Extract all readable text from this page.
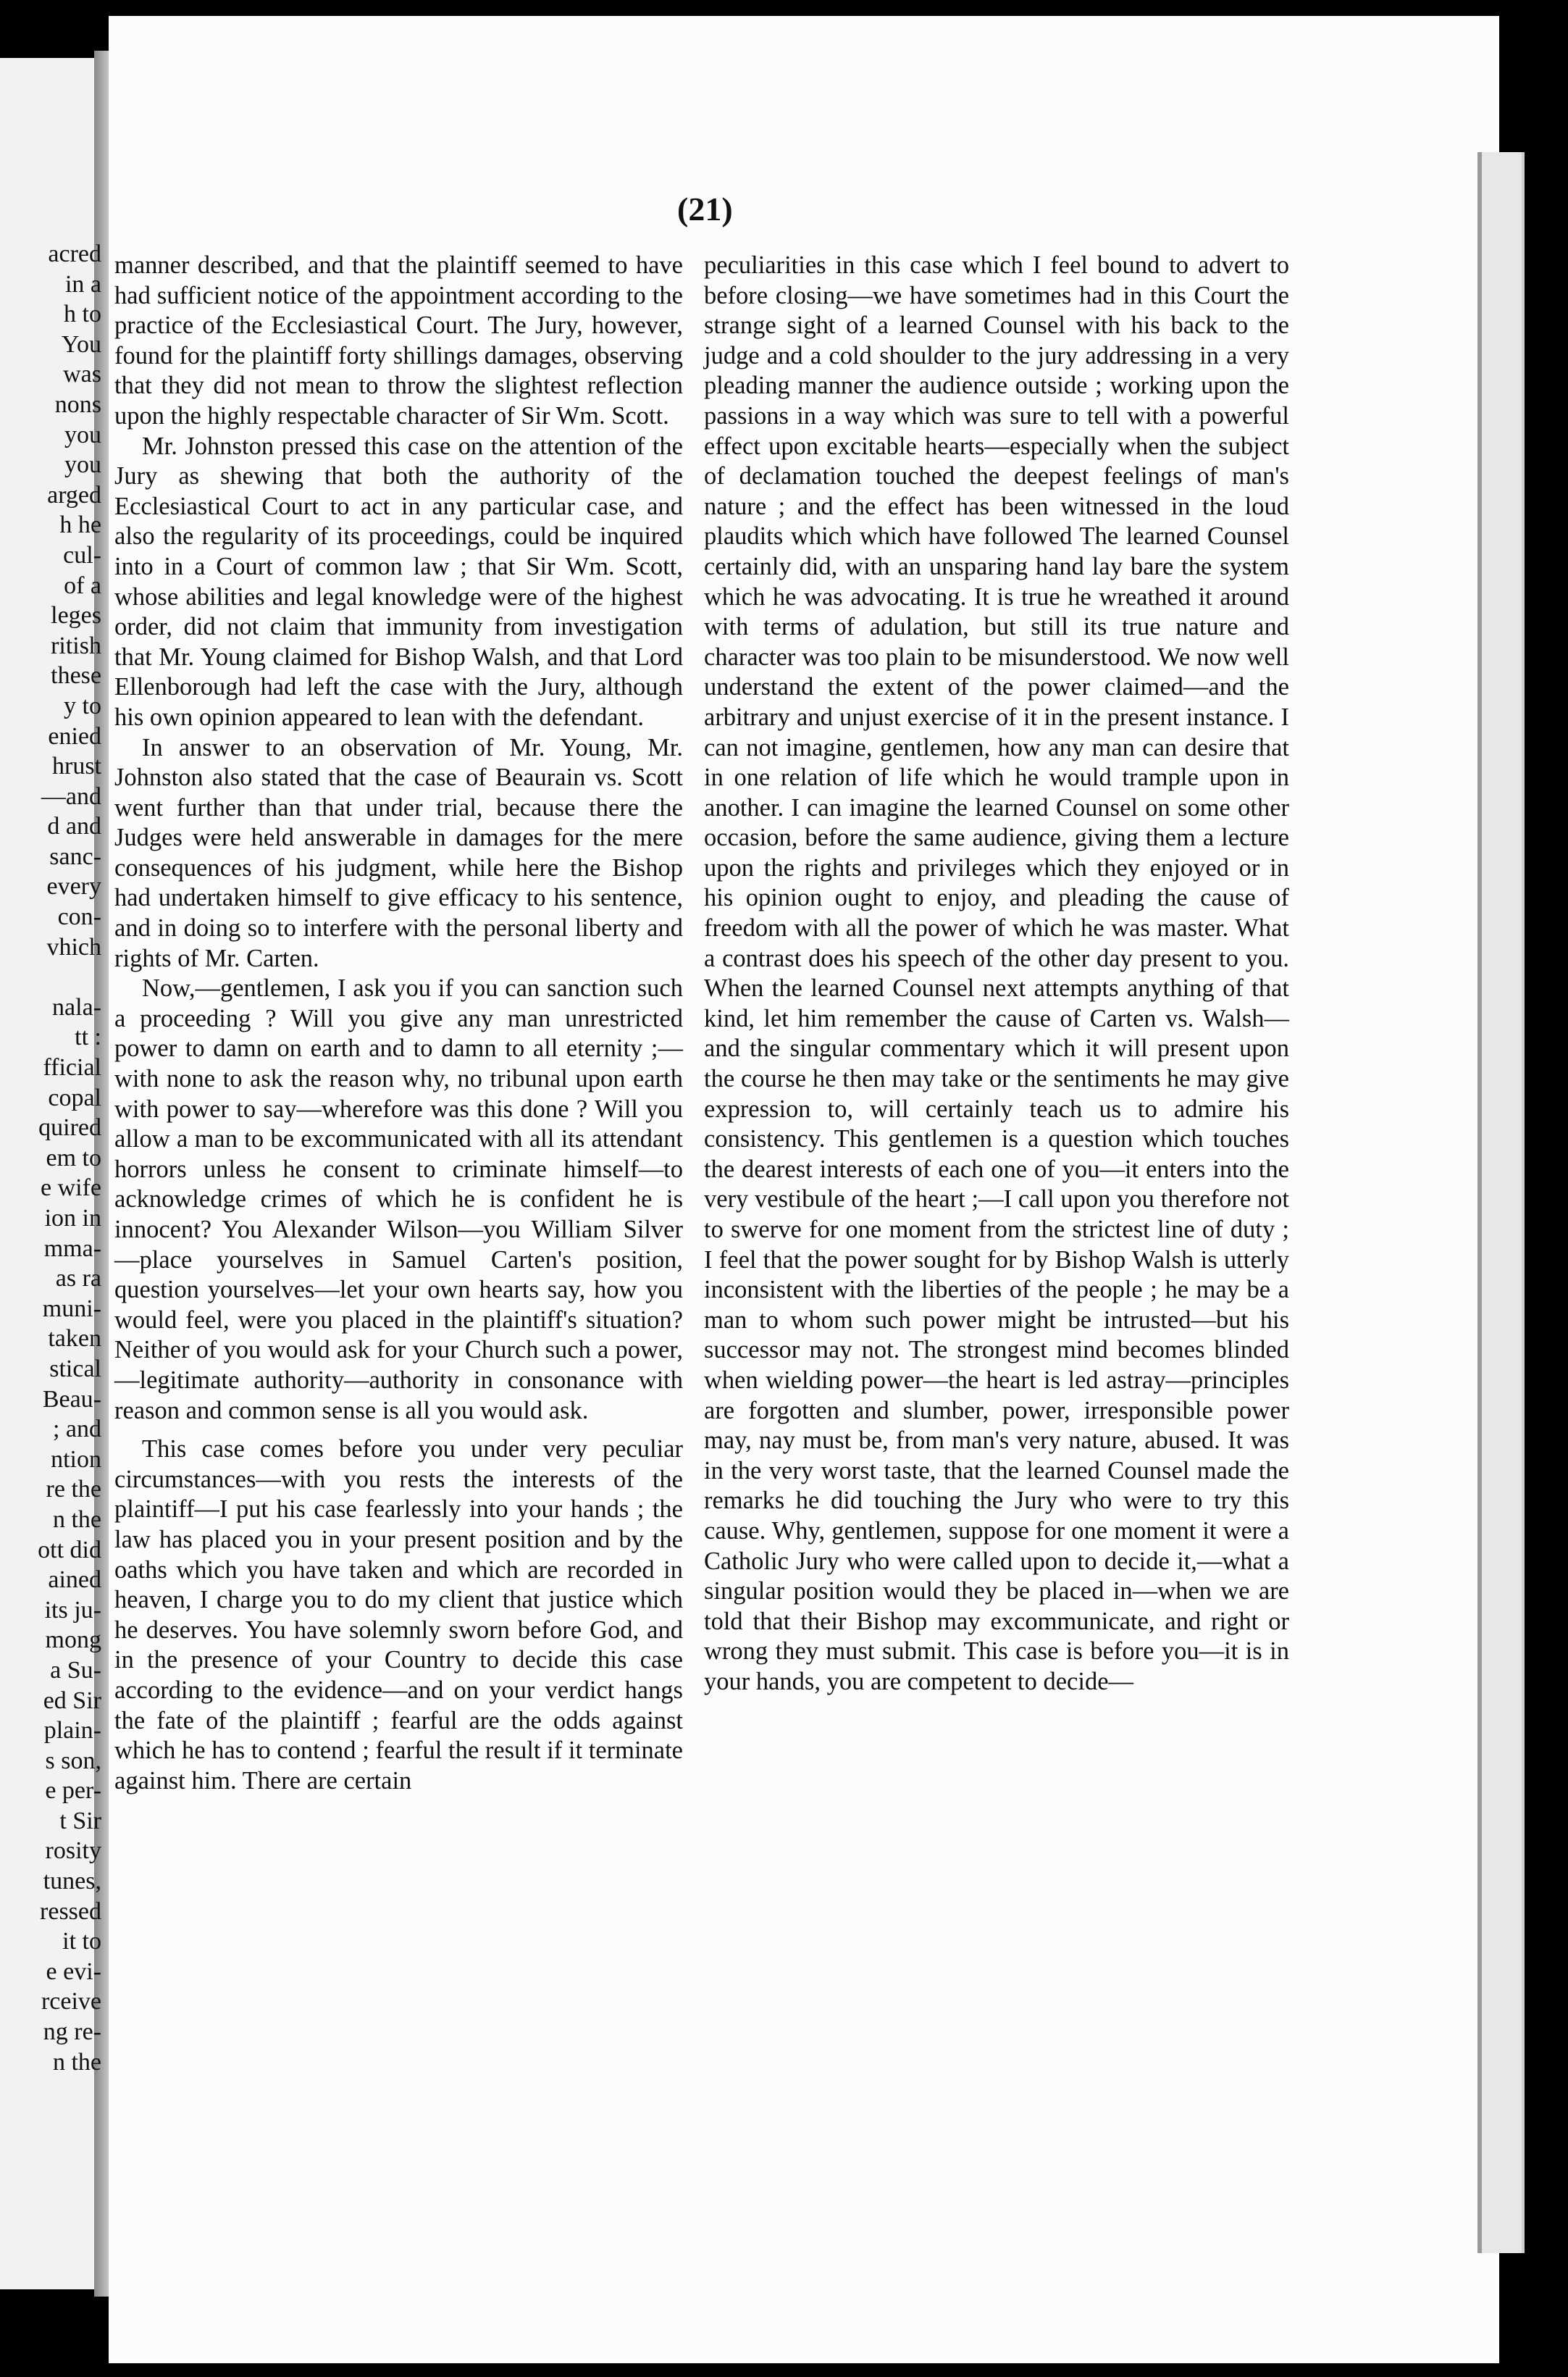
acred
in a
h to
You
was
nons
you
you
arged
h he
cul-
of a
leges
ritish
these
y to
enied
hrust
—and
d and
sanc-
every
con-
vhich

nala-
tt :
fficial
copal
quired
em to
e wife
ion in
mma-
as ra
muni-
taken
stical
Beau-
; and
ntion
re the
n the
ott did
ained
its ju-
mong
a Su-
ed Sir
plain-
s son,
e per-
t Sir
rosity
tunes,
ressed
it to
e evi-
rceive
ng re-
n the
(21)

manner described, and that the plaintiff seemed to have had sufficient notice of the appointment according to the practice of the Ecclesiastical Court. The Jury, however, found for the plaintiff forty shillings damages, observing that they did not mean to throw the slightest reflection upon the highly respectable character of Sir Wm. Scott.

Mr. Johnston pressed this case on the attention of the Jury as shewing that both the authority of the Ecclesiastical Court to act in any particular case, and also the regularity of its proceedings, could be inquired into in a Court of common law ; that Sir Wm. Scott, whose abilities and legal knowledge were of the highest order, did not claim that immunity from investigation that Mr. Young claimed for Bishop Walsh, and that Lord Ellenborough had left the case with the Jury, although his own opinion appeared to lean with the defendant.

In answer to an observation of Mr. Young, Mr. Johnston also stated that the case of Beaurain vs. Scott went further than that under trial, because there the Judges were held answerable in damages for the mere consequences of his judgment, while here the Bishop had undertaken himself to give efficacy to his sentence, and in doing so to interfere with the personal liberty and rights of Mr. Carten.

Now,—gentlemen, I ask you if you can sanction such a proceeding ? Will you give any man unrestricted power to damn on earth and to damn to all eternity ;—with none to ask the reason why, no tribunal upon earth with power to say—wherefore was this done ? Will you allow a man to be excommunicated with all its attendant horrors unless he consent to criminate himself—to acknowledge crimes of which he is confident he is innocent? You Alexander Wilson—you William Silver—place yourselves in Samuel Carten's position, question yourselves—let your own hearts say, how you would feel, were you placed in the plaintiff's situation? Neither of you would ask for your Church such a power,—legitimate authority—authority in consonance with reason and common sense is all you would ask.

This case comes before you under very peculiar circumstances—with you rests the interests of the plaintiff—I put his case fearlessly into your hands ; the law has placed you in your present position and by the oaths which you have taken and which are recorded in heaven, I charge you to do my client that justice which he deserves. You have solemnly sworn before God, and in the presence of your Country to decide this case according to the evidence—and on your verdict hangs the fate of the plaintiff ; fearful are the odds against which he has to contend ; fearful the result if it terminate against him. There are certain

peculiarities in this case which I feel bound to advert to before closing—we have sometimes had in this Court the strange sight of a learned Counsel with his back to the judge and a cold shoulder to the jury addressing in a very pleading manner the audience outside ; working upon the passions in a way which was sure to tell with a powerful effect upon excitable hearts—especially when the subject of declamation touched the deepest feelings of man's nature ; and the effect has been witnessed in the loud plaudits which which have followed The learned Counsel certainly did, with an unsparing hand lay bare the system which he was advocating. It is true he wreathed it around with terms of adulation, but still its true nature and character was too plain to be misunderstood. We now well understand the extent of the power claimed—and the arbitrary and unjust exercise of it in the present instance. I can not imagine, gentlemen, how any man can desire that in one relation of life which he would trample upon in another. I can imagine the learned Counsel on some other occasion, before the same audience, giving them a lecture upon the rights and privileges which they enjoyed or in his opinion ought to enjoy, and pleading the cause of freedom with all the power of which he was master. What a contrast does his speech of the other day present to you. When the learned Counsel next attempts anything of that kind, let him remember the cause of Carten vs. Walsh—and the singular commentary which it will present upon the course he then may take or the sentiments he may give expression to, will certainly teach us to admire his consistency. This gentlemen is a question which touches the dearest interests of each one of you—it enters into the very vestibule of the heart ;—I call upon you therefore not to swerve for one moment from the strictest line of duty ; I feel that the power sought for by Bishop Walsh is utterly inconsistent with the liberties of the people ; he may be a man to whom such power might be intrusted—but his successor may not. The strongest mind becomes blinded when wielding power—the heart is led astray—principles are forgotten and slumber, power, irresponsible power may, nay must be, from man's very nature, abused. It was in the very worst taste, that the learned Counsel made the remarks he did touching the Jury who were to try this cause. Why, gentlemen, suppose for one moment it were a Catholic Jury who were called upon to decide it,—what a singular position would they be placed in—when we are told that their Bishop may excommunicate, and right or wrong they must submit. This case is before you—it is in your hands, you are competent to decide—
